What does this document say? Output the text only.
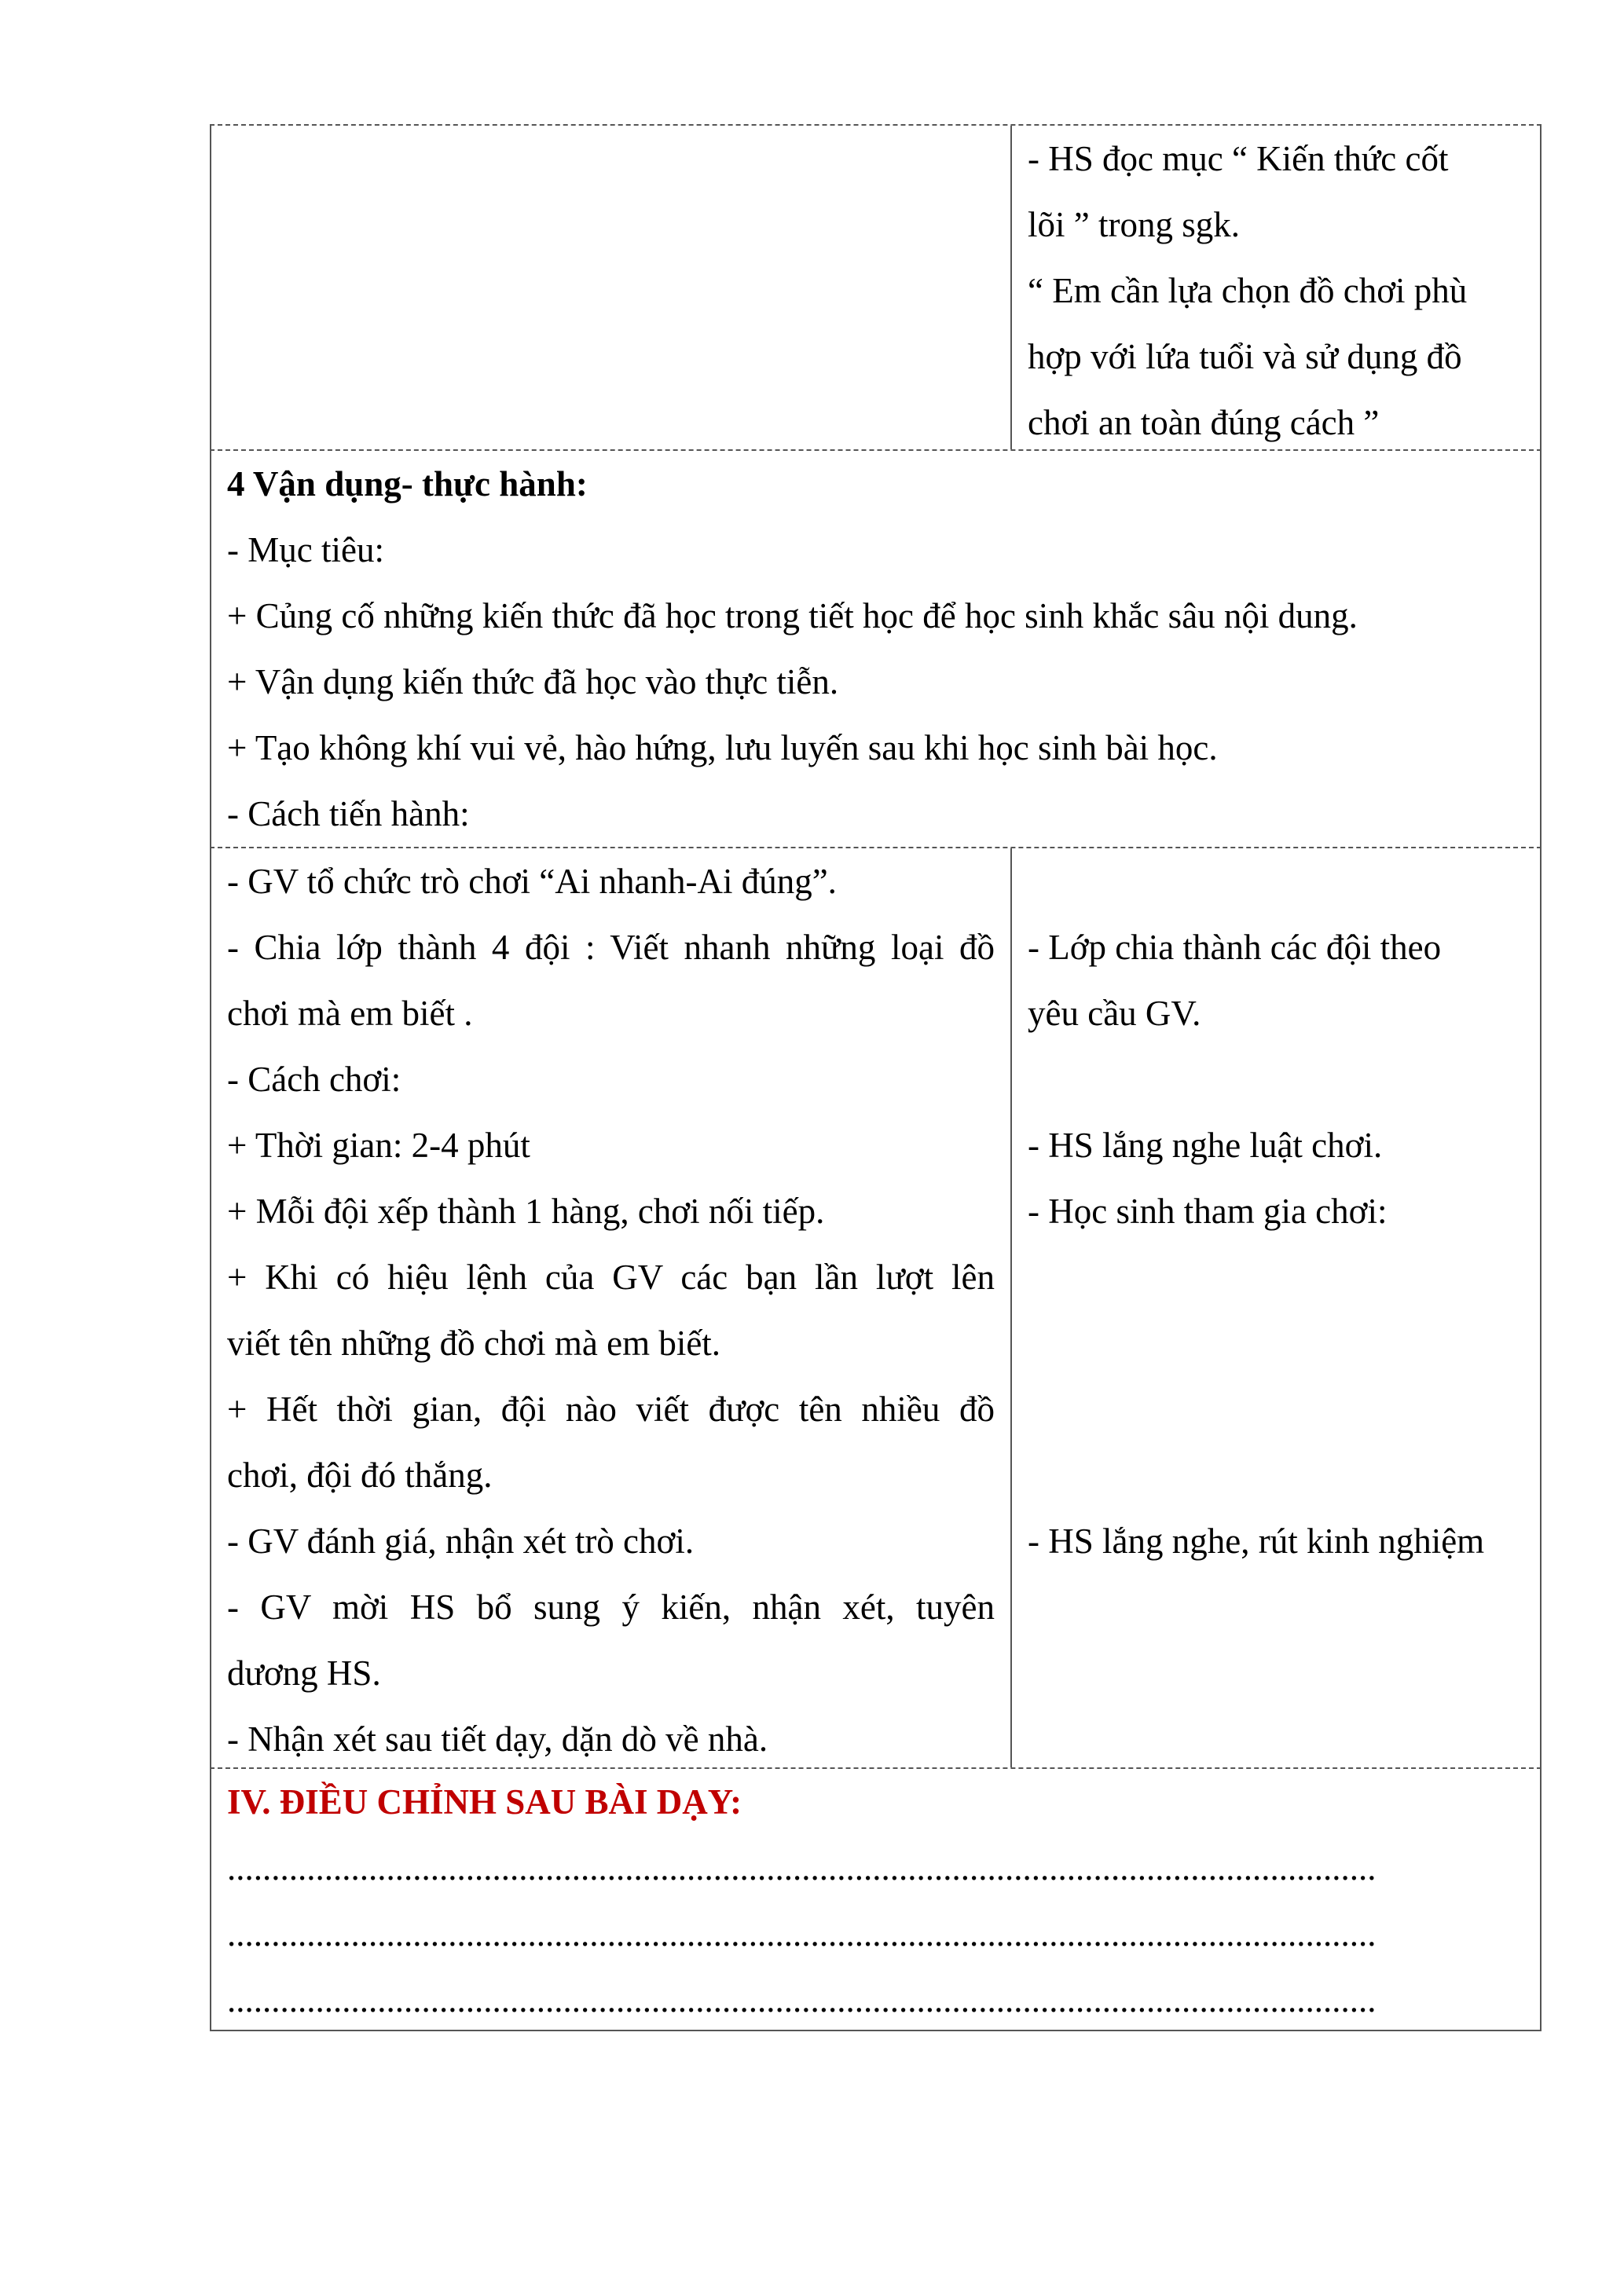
- HS đọc mục “ Kiến thức cốt
lõi ” trong sgk.
“ Em cần lựa chọn đồ chơi phù
hợp với lứa tuổi và sử dụng đồ
chơi an toàn đúng cách ”
4 Vận dụng- thực hành:
- Mục tiêu:
+ Củng cố những kiến thức đã học trong tiết học để học sinh khắc sâu nội dung.
+ Vận dụng kiến thức đã học vào thực tiễn.
+ Tạo không khí vui vẻ, hào hứng, lưu luyến sau khi học sinh bài học.
- Cách tiến hành:
- GV tổ chức trò chơi “Ai nhanh-Ai đúng”.
- Chia lớp thành 4 đội : Viết nhanh những loại đồ
chơi mà em biết .
- Cách chơi:
+ Thời gian: 2-4 phút
+ Mỗi đội xếp thành 1 hàng, chơi nối tiếp.
+ Khi có hiệu lệnh của GV các bạn lần lượt lên
viết tên những đồ chơi mà em biết.
+ Hết thời gian, đội nào viết được tên nhiều đồ
chơi, đội đó thắng.
- GV đánh giá, nhận xét trò chơi.
- GV mời HS bổ sung ý kiến, nhận xét, tuyên
dương HS.
- Nhận xét sau tiết dạy, dặn dò về nhà.
- Lớp chia thành các đội theo
yêu cầu GV.
- HS lắng nghe luật chơi.
- Học sinh tham gia chơi:
- HS lắng nghe, rút kinh nghiệm
IV. ĐIỀU CHỈNH SAU BÀI DẠY:
..................................................................................................................................
..................................................................................................................................
..................................................................................................................................
